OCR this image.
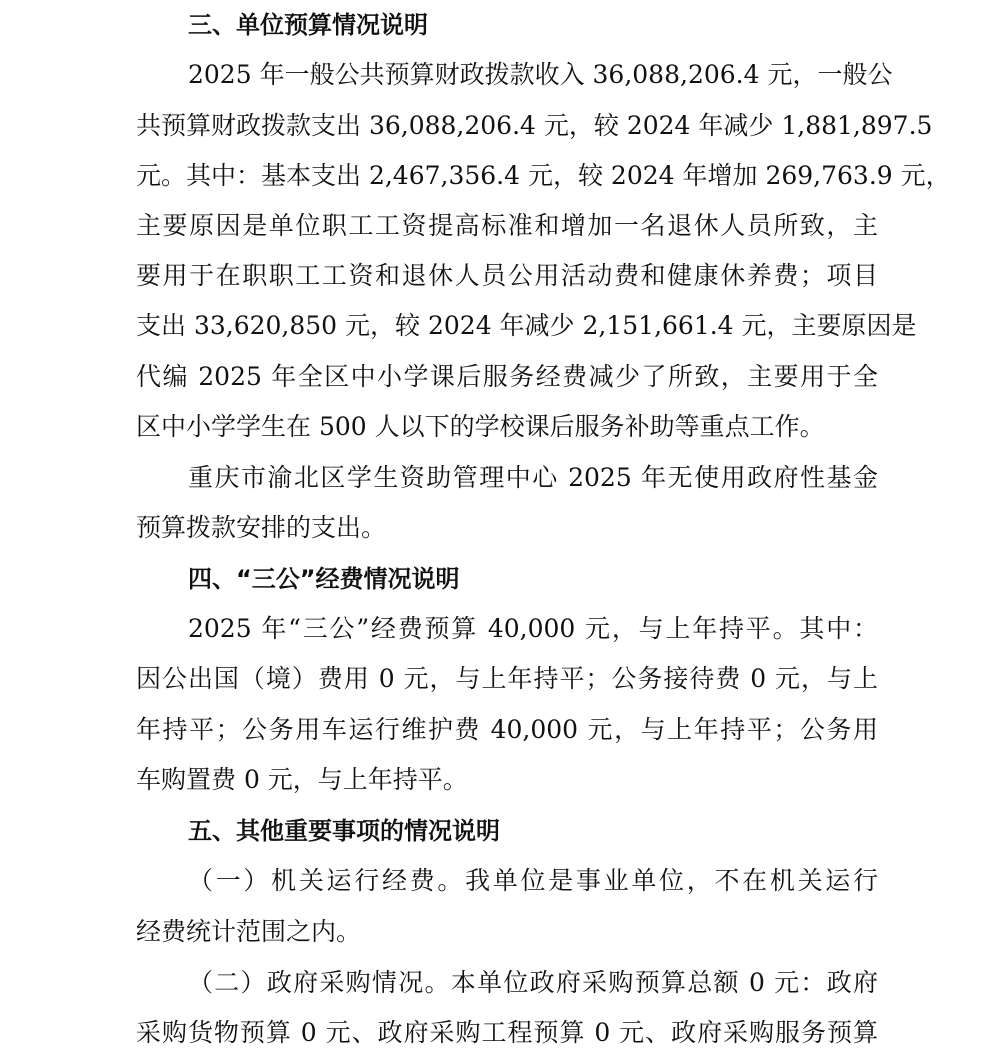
三、单位预算情况说明
2025 年一般公共预算财政拨款收入 36,088,206.4 元，一般公
共预算财政拨款支出 36,088,206.4 元，较 2024 年减少 1,881,897.5
元。其中：基本支出 2,467,356.4 元，较 2024 年增加 269,763.9 元，
主要原因是单位职工工资提高标准和增加一名退休人员所致，主
要用于在职职工工资和退休人员公用活动费和健康休养费；项目
支出 33,620,850 元，较 2024 年减少 2,151,661.4 元，主要原因是
代编 2025 年全区中小学课后服务经费减少了所致，主要用于全
区中小学学生在 500 人以下的学校课后服务补助等重点工作。
重庆市渝北区学生资助管理中心 2025 年无使用政府性基金
预算拨款安排的支出。
四、“三公”经费情况说明
2025 年“三公”经费预算 40,000 元，与上年持平。其中：
因公出国（境）费用 0 元，与上年持平；公务接待费 0 元，与上
年持平；公务用车运行维护费 40,000 元，与上年持平；公务用
车购置费 0 元，与上年持平。
五、其他重要事项的情况说明
（一）机关运行经费。我单位是事业单位，不在机关运行
经费统计范围之内。
（二）政府采购情况。本单位政府采购预算总额 0 元：政府
采购货物预算 0 元、政府采购工程预算 0 元、政府采购服务预算
